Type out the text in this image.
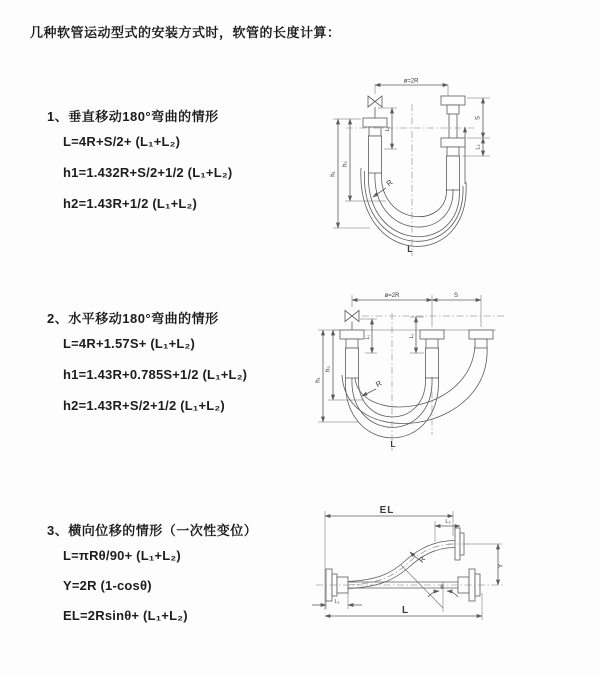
几种软管运动型式的安装方式时，软管的长度计算：
1、垂直移动180°弯曲的情形
L=4R+S/2+ (L₁+L₂)
h1=1.432R+S/2+1/2 (L₁+L₂)
h2=1.43R+1/2 (L₁+L₂)
2、水平移动180°弯曲的情形
L=4R+1.57S+ (L₁+L₂)
h1=1.43R+0.785S+1/2 (L₁+L₂)
h2=1.43R+S/2+1/2 (L₁+L₂)
3、横向位移的情形（一次性变位）
L=πRθ/90+ (L₁+L₂)
Y=2R (1-cosθ)
EL=2Rsinθ+ (L₁+L₂)
ø=2R
h₁
h₂
L₁
S
L₂
R
L
ø=2R	S
h₁
h₂
L₁	L₂
R
L
EL
L₂
R
Y
θ
L₁
L
